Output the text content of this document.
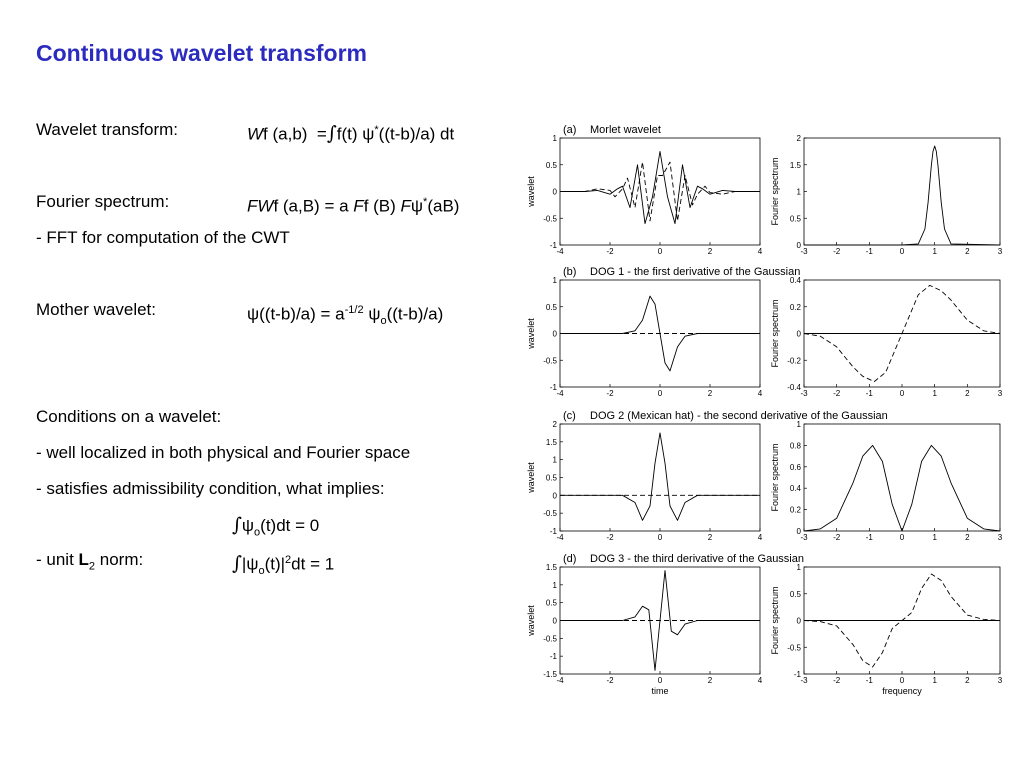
Continuous wavelet transform
Wavelet transform:	Wf (a,b) =∫f(t) ψ*((t-b)/a) dt
Fourier spectrum:	FWf (a,B) = a Ff (B) Fψ*(aB)
- FFT for computation of the CWT
Mother wavelet:	$\psi((t-b)/a) = a^{-1/2}$ $\psi_o((t-b)/a)$
Conditions on a wavelet:
- well localized in both physical and Fourier space
- satisfies admissibility condition, what implies:
$\int\psi_o(t)dt = 0$
- unit $L_2$ norm:	$\int|\psi_o(t)|^2dt = 1$
-4	-2	0	2	4
-1
-0.5
0
0.5
1
wavelet
(a) Morlet wavelet
-3	-2	-1	0	1	2	3
0
0.5
1
1.5
2
Fourier spectrum
-4	-2	0	2	4
-1
-0.5
0
0.5
1
wavelet
(b) DOG 1 - the first derivative of the Gaussian
-3	-2	-1	0	1	2	3
-0.4
-0.2
0
0.2
0.4
Fourier spectrum
-4	-2	0	2	4
-1
-0.5
0
0.5
1
1.5
2
wavelet
(c) DOG 2 (Mexican hat) - the second derivative of the Gaussian
-3	-2	-1	0	1	2	3
0
0.2
0.4
0.6
0.8
1
Fourier spectrum
-4	-2	0	2	4
-1.5
-1
-0.5
0
0.5
1
1.5
wavelet
time
(d) DOG 3 - the third derivative of the Gaussian
-3	-2	-1	0	1	2	3
-1
-0.5
0
0.5
1
Fourier spectrum
frequency
